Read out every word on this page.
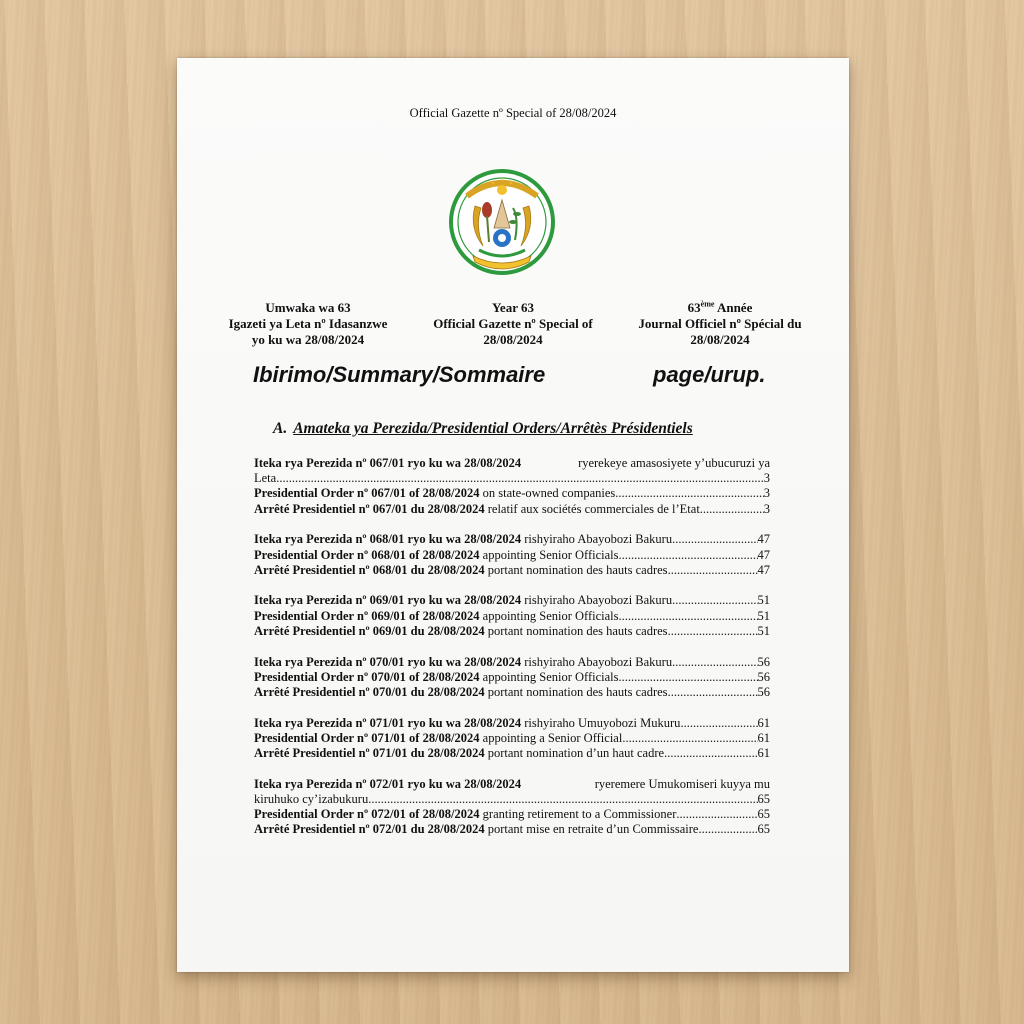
Official Gazette nº Special of 28/08/2024
Umwaka wa 63
Igazeti ya Leta nº Idasanzwe
yo ku wa 28/08/2024
Year 63
Official Gazette nº Special of
28/08/2024
63ème Année
Journal Officiel nº Spécial du
28/08/2024
Ibirimo/Summary/Sommaire	page/urup.
A. Amateka ya Perezida/Presidential Orders/Arrêtès Présidentiels
Iteka rya Perezida nº 067/01 ryo ku wa 28/08/2024	ryerekeye amasosiyete y’ubucuruzi ya
Leta .....	3
Presidential Order nº 067/01 of 28/08/2024 on state-owned companies .....	3
Arrêté Presidentiel nº 067/01 du 28/08/2024 relatif aux sociétés commerciales de l’Etat .....	3
Iteka rya Perezida nº 068/01 ryo ku wa 28/08/2024 rishyiraho Abayobozi Bakuru .....	47
Presidential Order nº 068/01 of 28/08/2024 appointing Senior Officials .....	47
Arrêté Presidentiel nº 068/01 du 28/08/2024 portant nomination des hauts cadres .....	47
Iteka rya Perezida nº 069/01 ryo ku wa 28/08/2024 rishyiraho Abayobozi Bakuru .....	51
Presidential Order nº 069/01 of 28/08/2024 appointing Senior Officials .....	51
Arrêté Presidentiel nº 069/01 du 28/08/2024 portant nomination des hauts cadres .....	51
Iteka rya Perezida nº 070/01 ryo ku wa 28/08/2024 rishyiraho Abayobozi Bakuru .....	56
Presidential Order nº 070/01 of 28/08/2024 appointing Senior Officials .....	56
Arrêté Presidentiel nº 070/01 du 28/08/2024 portant nomination des hauts cadres .....	56
Iteka rya Perezida nº 071/01 ryo ku wa 28/08/2024 rishyiraho Umuyobozi Mukuru .....	61
Presidential Order nº 071/01 of 28/08/2024 appointing a Senior Official .....	61
Arrêté Presidentiel nº 071/01 du 28/08/2024 portant nomination d’un haut cadre .....	61
Iteka rya Perezida nº 072/01 ryo ku wa 28/08/2024	ryeremere Umukomiseri kuyya mu
kiruhuko cy’izabukuru .....	65
Presidential Order nº 072/01 of 28/08/2024 granting retirement to a Commissioner .....	65
Arrêté Presidentiel nº 072/01 du 28/08/2024 portant mise en retraite d’un Commissaire .....	65
